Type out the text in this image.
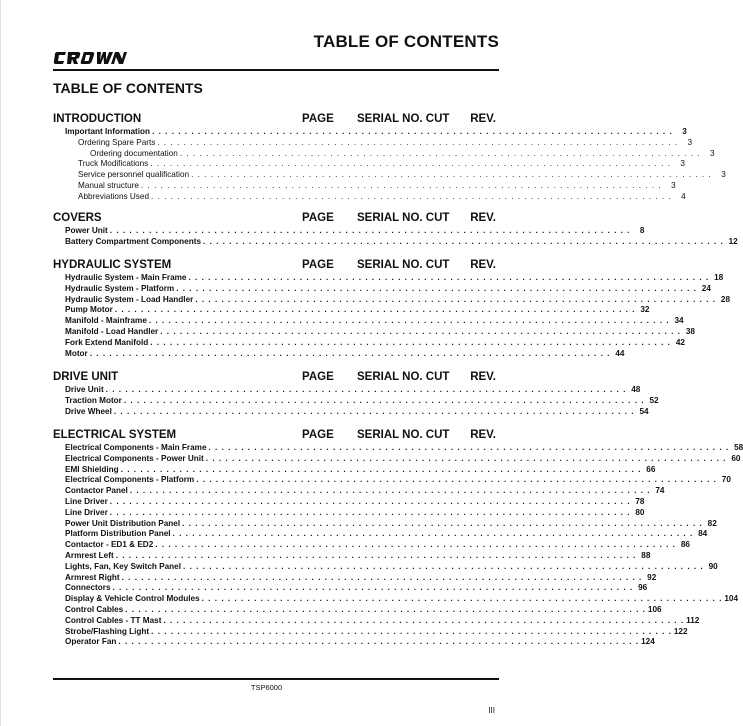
TABLE OF CONTENTS
TABLE OF CONTENTS
INTRODUCTION	PAGE SERIAL NO. CUT REV.
Important Information . . . . . . . . . . . . . . . . . . . . . . . . . . . . . . . . . . . . . . . . . . . . . . . . . . . . . . . . . . . . . . . . . . . . . . . . . . . . . . . .	3
Ordering Spare Parts . . . . . . . . . . . . . . . . . . . . . . . . . . . . . . . . . . . . . . . . . . . . . . . . . . . . . . . . . . . . . . . . . . . . . . . . . . . . . . . .	3
Ordering documentation . . . . . . . . . . . . . . . . . . . . . . . . . . . . . . . . . . . . . . . . . . . . . . . . . . . . . . . . . . . . . . . . . . . . . . . . . . . . . . . .	3
Truck Modifications . . . . . . . . . . . . . . . . . . . . . . . . . . . . . . . . . . . . . . . . . . . . . . . . . . . . . . . . . . . . . . . . . . . . . . . . . . . . . . . .	3
Service personnel qualification . . . . . . . . . . . . . . . . . . . . . . . . . . . . . . . . . . . . . . . . . . . . . . . . . . . . . . . . . . . . . . . . . . . . . . . . . . . . . . . .	3
Manual structure . . . . . . . . . . . . . . . . . . . . . . . . . . . . . . . . . . . . . . . . . . . . . . . . . . . . . . . . . . . . . . . . . . . . . . . . . . . . . . . .	3
Abbreviations Used . . . . . . . . . . . . . . . . . . . . . . . . . . . . . . . . . . . . . . . . . . . . . . . . . . . . . . . . . . . . . . . . . . . . . . . . . . . . . . . .	4
COVERS	PAGE SERIAL NO. CUT REV.
Power Unit . . . . . . . . . . . . . . . . . . . . . . . . . . . . . . . . . . . . . . . . . . . . . . . . . . . . . . . . . . . . . . . . . . . . . . . . . . . . . . . .	8
Battery Compartment Components . . . . . . . . . . . . . . . . . . . . . . . . . . . . . . . . . . . . . . . . . . . . . . . . . . . . . . . . . . . . . . . . . . . . . . . . . . . . . . . . 12
HYDRAULIC SYSTEM	PAGE SERIAL NO. CUT REV.
Hydraulic System - Main Frame . . . . . . . . . . . . . . . . . . . . . . . . . . . . . . . . . . . . . . . . . . . . . . . . . . . . . . . . . . . . . . . . . . . . . . . . . . . . . . . . 18
Hydraulic System - Platform . . . . . . . . . . . . . . . . . . . . . . . . . . . . . . . . . . . . . . . . . . . . . . . . . . . . . . . . . . . . . . . . . . . . . . . . . . . . . . . . 24
Hydraulic System - Load Handler . . . . . . . . . . . . . . . . . . . . . . . . . . . . . . . . . . . . . . . . . . . . . . . . . . . . . . . . . . . . . . . . . . . . . . . . . . . . . . . . 28
Pump Motor . . . . . . . . . . . . . . . . . . . . . . . . . . . . . . . . . . . . . . . . . . . . . . . . . . . . . . . . . . . . . . . . . . . . . . . . . . . . . . . . 32
Manifold - Mainframe . . . . . . . . . . . . . . . . . . . . . . . . . . . . . . . . . . . . . . . . . . . . . . . . . . . . . . . . . . . . . . . . . . . . . . . . . . . . . . . . 34
Manifold - Load Handler . . . . . . . . . . . . . . . . . . . . . . . . . . . . . . . . . . . . . . . . . . . . . . . . . . . . . . . . . . . . . . . . . . . . . . . . . . . . . . . . 38
Fork Extend Manifold . . . . . . . . . . . . . . . . . . . . . . . . . . . . . . . . . . . . . . . . . . . . . . . . . . . . . . . . . . . . . . . . . . . . . . . . . . . . . . . . 42
Motor . . . . . . . . . . . . . . . . . . . . . . . . . . . . . . . . . . . . . . . . . . . . . . . . . . . . . . . . . . . . . . . . . . . . . . . . . . . . . . . . 44
DRIVE UNIT	PAGE SERIAL NO. CUT REV.
Drive Unit . . . . . . . . . . . . . . . . . . . . . . . . . . . . . . . . . . . . . . . . . . . . . . . . . . . . . . . . . . . . . . . . . . . . . . . . . . . . . . . . 48
Traction Motor . . . . . . . . . . . . . . . . . . . . . . . . . . . . . . . . . . . . . . . . . . . . . . . . . . . . . . . . . . . . . . . . . . . . . . . . . . . . . . . . 52
Drive Wheel . . . . . . . . . . . . . . . . . . . . . . . . . . . . . . . . . . . . . . . . . . . . . . . . . . . . . . . . . . . . . . . . . . . . . . . . . . . . . . . . 54
ELECTRICAL SYSTEM	PAGE SERIAL NO. CUT REV.
Electrical Components - Main Frame . . . . . . . . . . . . . . . . . . . . . . . . . . . . . . . . . . . . . . . . . . . . . . . . . . . . . . . . . . . . . . . . . . . . . . . . . . . . . . . . 58
Electrical Components - Power Unit . . . . . . . . . . . . . . . . . . . . . . . . . . . . . . . . . . . . . . . . . . . . . . . . . . . . . . . . . . . . . . . . . . . . . . . . . . . . . . . . 60
EMI Shielding . . . . . . . . . . . . . . . . . . . . . . . . . . . . . . . . . . . . . . . . . . . . . . . . . . . . . . . . . . . . . . . . . . . . . . . . . . . . . . . . 66
Electrical Components - Platform . . . . . . . . . . . . . . . . . . . . . . . . . . . . . . . . . . . . . . . . . . . . . . . . . . . . . . . . . . . . . . . . . . . . . . . . . . . . . . . . 70
Contactor Panel . . . . . . . . . . . . . . . . . . . . . . . . . . . . . . . . . . . . . . . . . . . . . . . . . . . . . . . . . . . . . . . . . . . . . . . . . . . . . . . . 74
Line Driver . . . . . . . . . . . . . . . . . . . . . . . . . . . . . . . . . . . . . . . . . . . . . . . . . . . . . . . . . . . . . . . . . . . . . . . . . . . . . . . . 78
Line Driver . . . . . . . . . . . . . . . . . . . . . . . . . . . . . . . . . . . . . . . . . . . . . . . . . . . . . . . . . . . . . . . . . . . . . . . . . . . . . . . . 80
Power Unit Distribution Panel . . . . . . . . . . . . . . . . . . . . . . . . . . . . . . . . . . . . . . . . . . . . . . . . . . . . . . . . . . . . . . . . . . . . . . . . . . . . . . . . 82
Platform Distribution Panel . . . . . . . . . . . . . . . . . . . . . . . . . . . . . . . . . . . . . . . . . . . . . . . . . . . . . . . . . . . . . . . . . . . . . . . . . . . . . . . . 84
Contactor - ED1 & ED2 . . . . . . . . . . . . . . . . . . . . . . . . . . . . . . . . . . . . . . . . . . . . . . . . . . . . . . . . . . . . . . . . . . . . . . . . . . . . . . . . 86
Armrest Left . . . . . . . . . . . . . . . . . . . . . . . . . . . . . . . . . . . . . . . . . . . . . . . . . . . . . . . . . . . . . . . . . . . . . . . . . . . . . . . . 88
Lights, Fan, Key Switch Panel . . . . . . . . . . . . . . . . . . . . . . . . . . . . . . . . . . . . . . . . . . . . . . . . . . . . . . . . . . . . . . . . . . . . . . . . . . . . . . . . 90
Armrest Right . . . . . . . . . . . . . . . . . . . . . . . . . . . . . . . . . . . . . . . . . . . . . . . . . . . . . . . . . . . . . . . . . . . . . . . . . . . . . . . . 92
Connectors . . . . . . . . . . . . . . . . . . . . . . . . . . . . . . . . . . . . . . . . . . . . . . . . . . . . . . . . . . . . . . . . . . . . . . . . . . . . . . . . 96
Display & Vehicle Control Modules . . . . . . . . . . . . . . . . . . . . . . . . . . . . . . . . . . . . . . . . . . . . . . . . . . . . . . . . . . . . . . . . . . . . . . . . . . . . . . . . 104
Control Cables . . . . . . . . . . . . . . . . . . . . . . . . . . . . . . . . . . . . . . . . . . . . . . . . . . . . . . . . . . . . . . . . . . . . . . . . . . . . . . . . 106
Control Cables - TT Mast . . . . . . . . . . . . . . . . . . . . . . . . . . . . . . . . . . . . . . . . . . . . . . . . . . . . . . . . . . . . . . . . . . . . . . . . . . . . . . . . 112
Strobe/Flashing Light . . . . . . . . . . . . . . . . . . . . . . . . . . . . . . . . . . . . . . . . . . . . . . . . . . . . . . . . . . . . . . . . . . . . . . . . . . . . . . . . 122
Operator Fan . . . . . . . . . . . . . . . . . . . . . . . . . . . . . . . . . . . . . . . . . . . . . . . . . . . . . . . . . . . . . . . . . . . . . . . . . . . . . . . . 124
TSP6000
III
